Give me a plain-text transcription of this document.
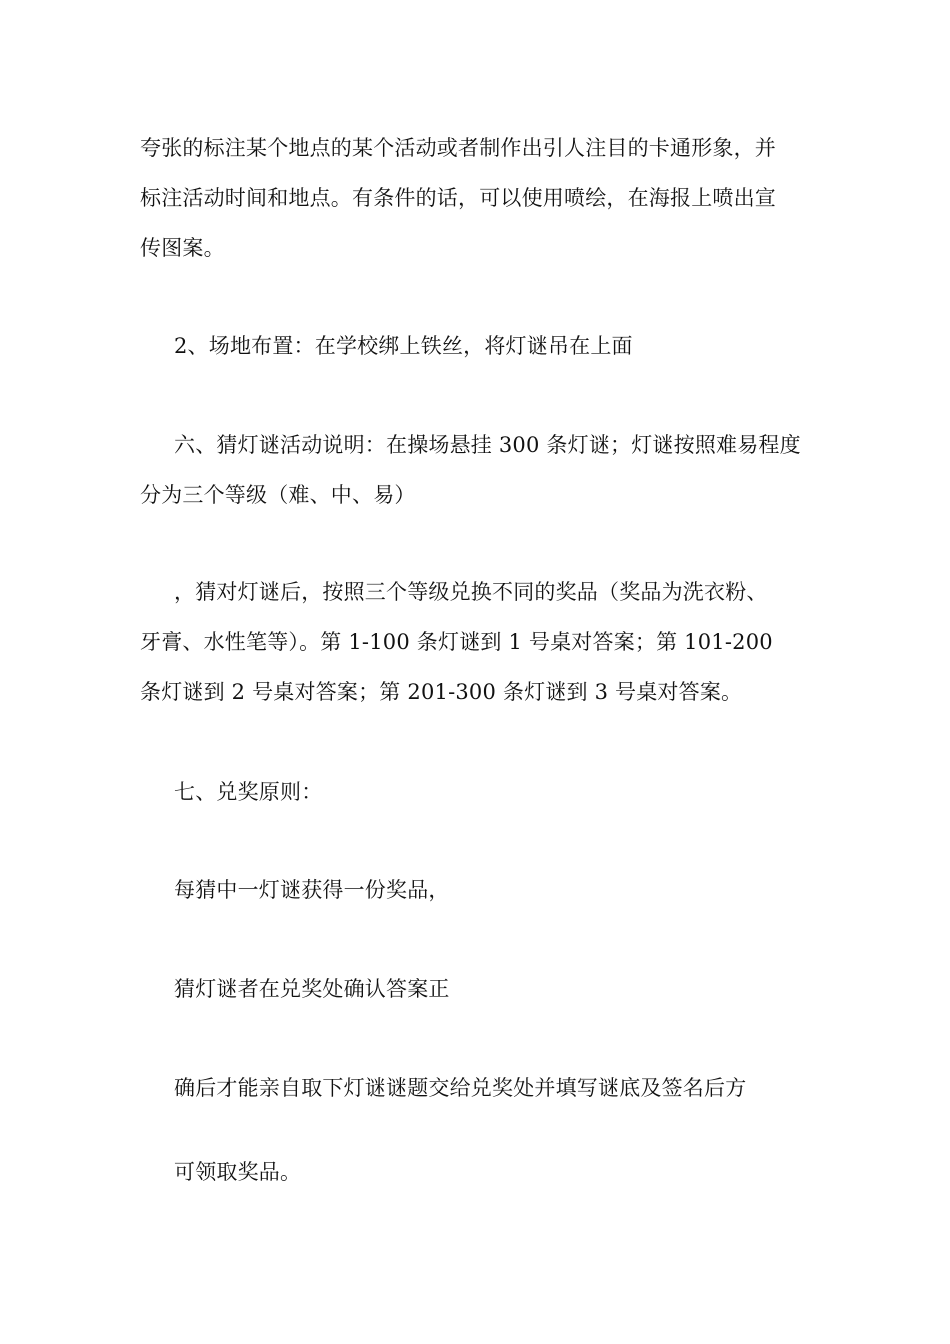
夸张的标注某个地点的某个活动或者制作出引人注目的卡通形象，并
标注活动时间和地点。有条件的话，可以使用喷绘，在海报上喷出宣
传图案。
2、场地布置：在学校绑上铁丝，将灯谜吊在上面
六、猜灯谜活动说明：在操场悬挂 300 条灯谜；灯谜按照难易程度
分为三个等级（难、中、易）
，猜对灯谜后，按照三个等级兑换不同的奖品（奖品为洗衣粉、
牙膏、水性笔等）。第 1-100 条灯谜到 1 号桌对答案；第 101-200
条灯谜到 2 号桌对答案；第 201-300 条灯谜到 3 号桌对答案。
七、兑奖原则：
每猜中一灯谜获得一份奖品，
猜灯谜者在兑奖处确认答案正
确后才能亲自取下灯谜谜题交给兑奖处并填写谜底及签名后方
可领取奖品。
